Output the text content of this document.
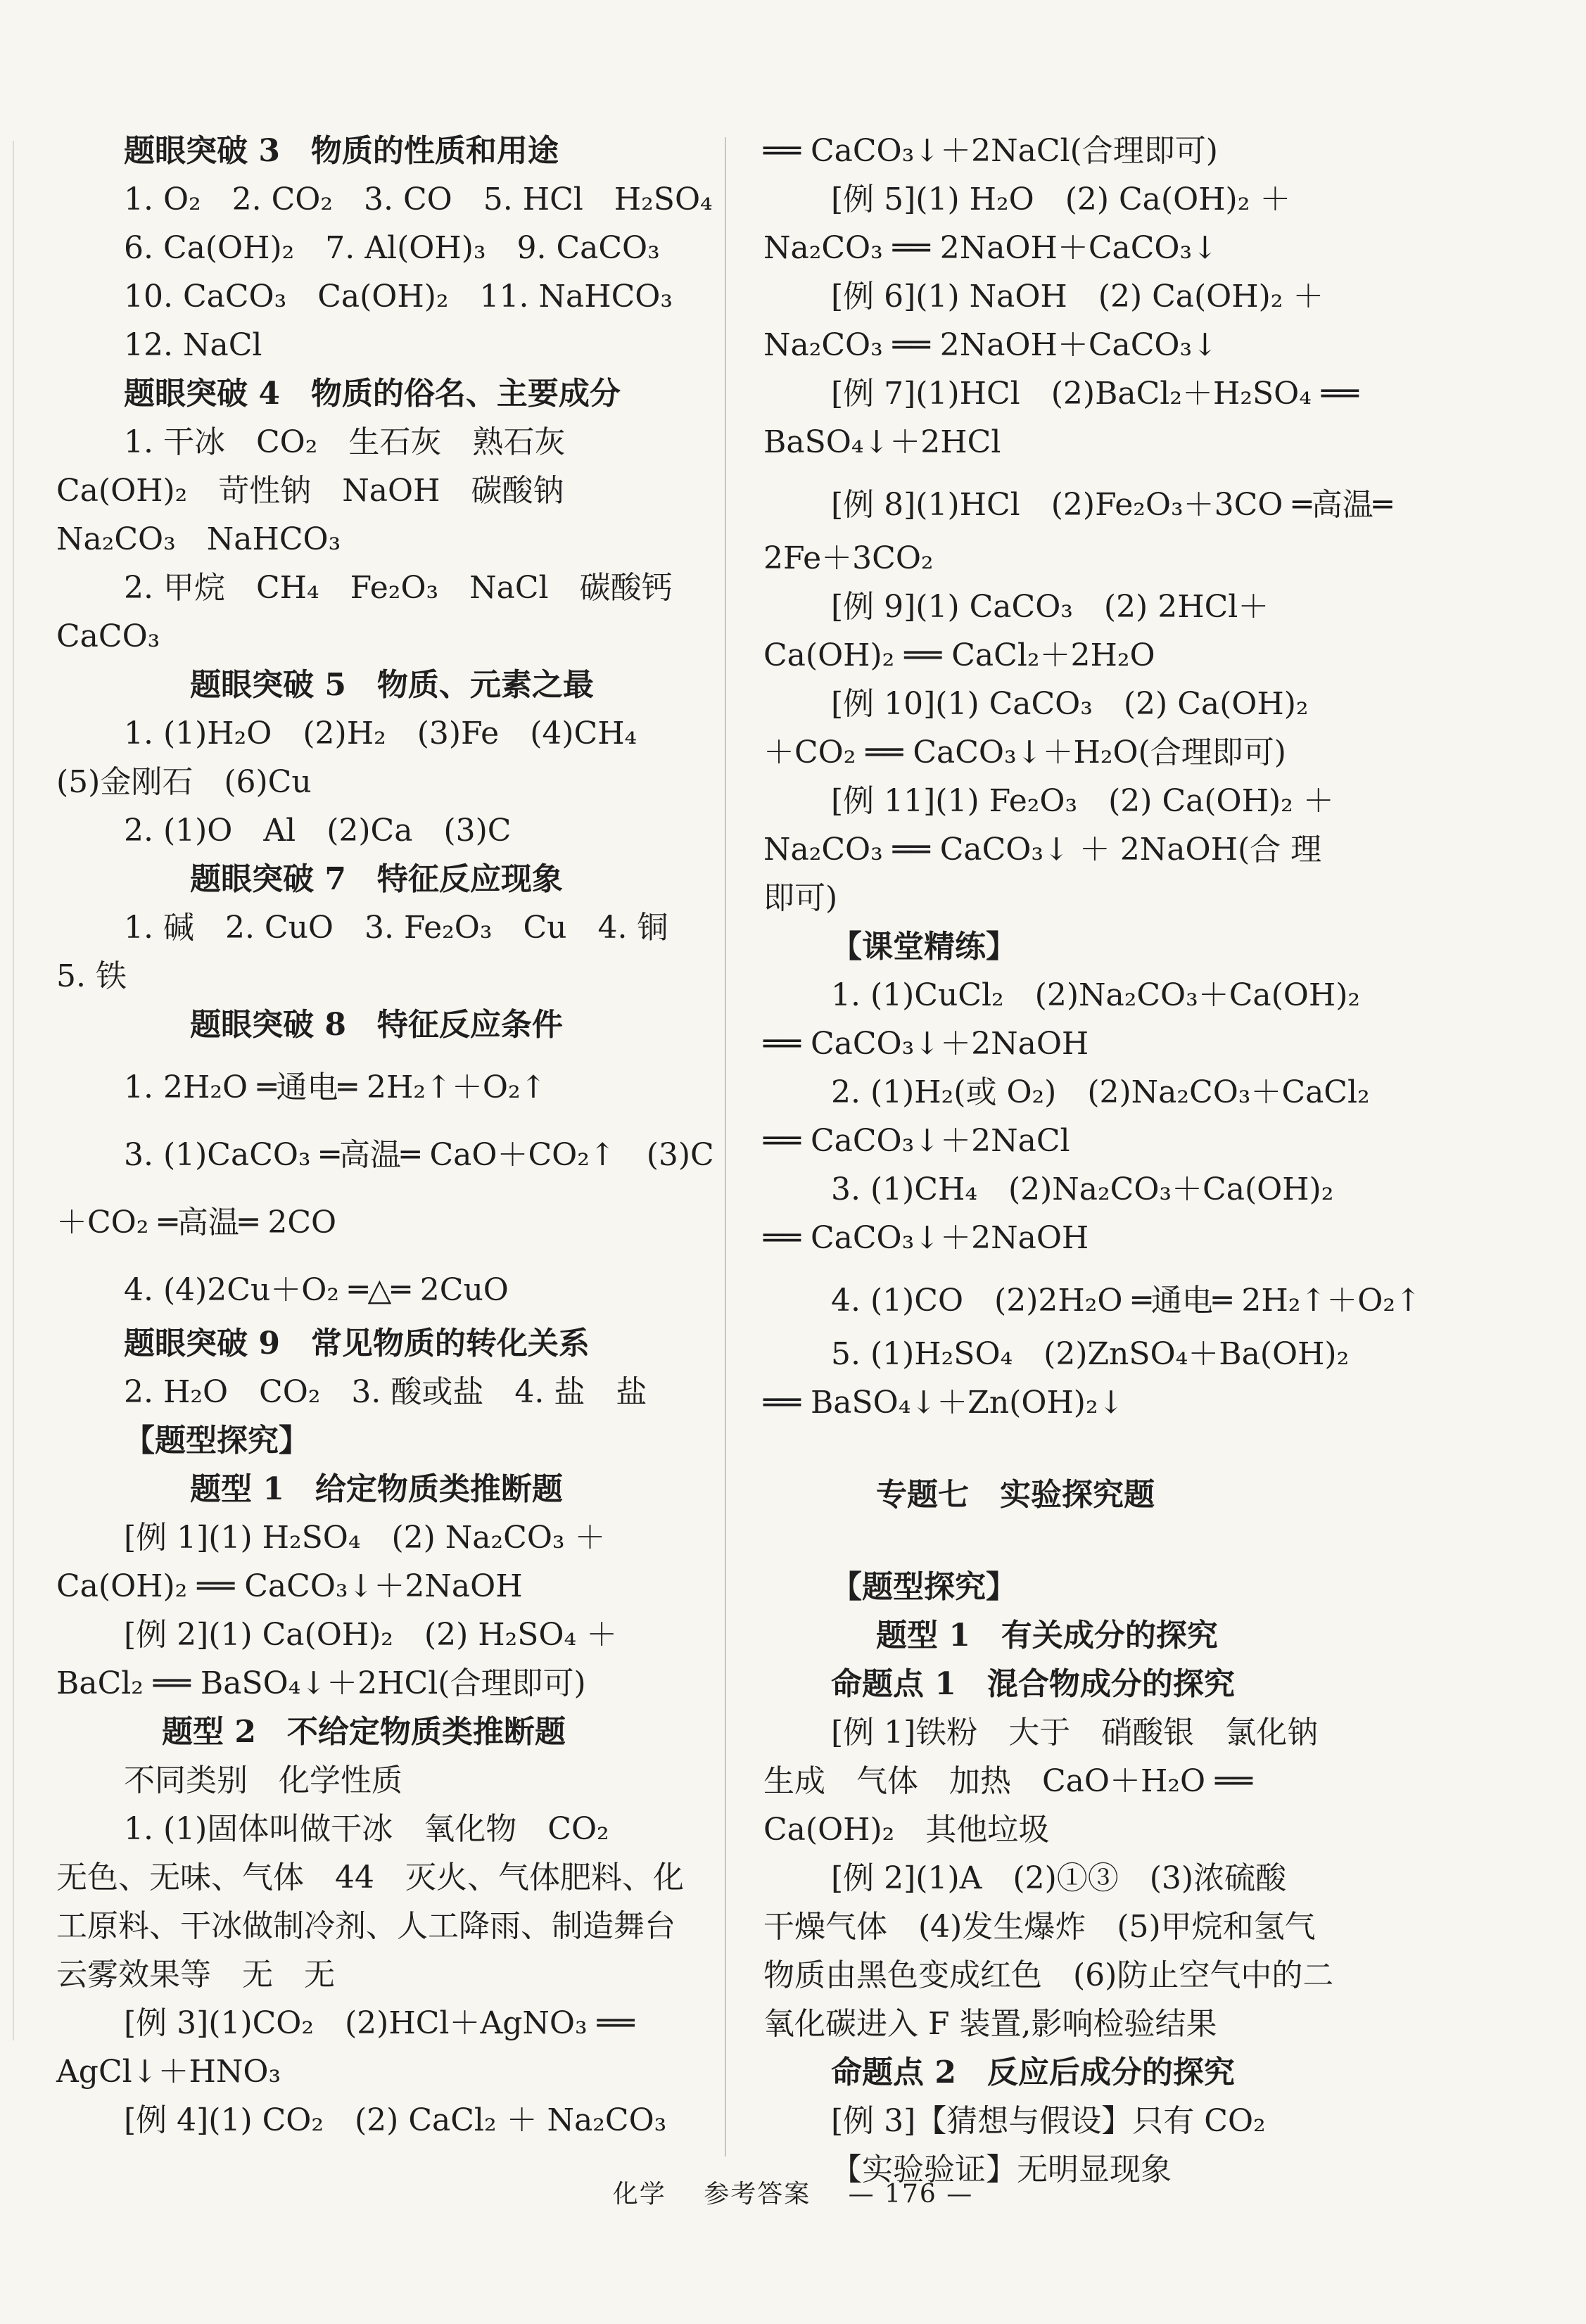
题眼突破 3　物质的性质和用途
1. O₂　2. CO₂　3. CO　5. HCl　H₂SO₄
6. Ca(OH)₂　7. Al(OH)₃　9. CaCO₃
10. CaCO₃　Ca(OH)₂　11. NaHCO₃
12. NaCl
题眼突破 4　物质的俗名、主要成分
1. 干冰　CO₂　生石灰　熟石灰
Ca(OH)₂　苛性钠　NaOH　碳酸钠
Na₂CO₃　NaHCO₃
2. 甲烷　CH₄　Fe₂O₃　NaCl　碳酸钙
CaCO₃
题眼突破 5　物质、元素之最
1. (1)H₂O　(2)H₂　(3)Fe　(4)CH₄
(5)金刚石　(6)Cu
2. (1)O　Al　(2)Ca　(3)C
题眼突破 7　特征反应现象
1. 碱　2. CuO　3. Fe₂O₃　Cu　4. 铜
5. 铁
题眼突破 8　特征反应条件
1. 2H₂O ═通电═ 2H₂↑＋O₂↑
3. (1)CaCO₃ ═高温═ CaO＋CO₂↑　(3)C
＋CO₂ ═高温═ 2CO
4. (4)2Cu＋O₂ ═△═ 2CuO
题眼突破 9　常见物质的转化关系
2. H₂O　CO₂　3. 酸或盐　4. 盐　盐
【题型探究】
题型 1　给定物质类推断题
[例 1](1) H₂SO₄　(2) Na₂CO₃ ＋
Ca(OH)₂ ══ CaCO₃↓＋2NaOH
[例 2](1) Ca(OH)₂　(2) H₂SO₄ ＋
BaCl₂ ══ BaSO₄↓＋2HCl(合理即可)
题型 2　不给定物质类推断题
不同类别　化学性质
1. (1)固体叫做干冰　氧化物　CO₂
无色、无味、气体　44　灭火、气体肥料、化
工原料、干冰做制冷剂、人工降雨、制造舞台
云雾效果等　无　无
[例 3](1)CO₂　(2)HCl＋AgNO₃ ══
AgCl↓＋HNO₃
[例 4](1) CO₂　(2) CaCl₂ ＋ Na₂CO₃
══ CaCO₃↓＋2NaCl(合理即可)
[例 5](1) H₂O　(2) Ca(OH)₂ ＋
Na₂CO₃ ══ 2NaOH＋CaCO₃↓
[例 6](1) NaOH　(2) Ca(OH)₂ ＋
Na₂CO₃ ══ 2NaOH＋CaCO₃↓
[例 7](1)HCl　(2)BaCl₂＋H₂SO₄ ══
BaSO₄↓＋2HCl
[例 8](1)HCl　(2)Fe₂O₃＋3CO ═高温═
2Fe＋3CO₂
[例 9](1) CaCO₃　(2) 2HCl＋
Ca(OH)₂ ══ CaCl₂＋2H₂O
[例 10](1) CaCO₃　(2) Ca(OH)₂
＋CO₂ ══ CaCO₃↓＋H₂O(合理即可)
[例 11](1) Fe₂O₃　(2) Ca(OH)₂ ＋
Na₂CO₃ ══ CaCO₃↓ ＋ 2NaOH(合 理
即可)
【课堂精练】
1. (1)CuCl₂　(2)Na₂CO₃＋Ca(OH)₂
══ CaCO₃↓＋2NaOH
2. (1)H₂(或 O₂)　(2)Na₂CO₃＋CaCl₂
══ CaCO₃↓＋2NaCl
3. (1)CH₄　(2)Na₂CO₃＋Ca(OH)₂
══ CaCO₃↓＋2NaOH
4. (1)CO　(2)2H₂O ═通电═ 2H₂↑＋O₂↑
5. (1)H₂SO₄　(2)ZnSO₄＋Ba(OH)₂
══ BaSO₄↓＋Zn(OH)₂↓
专题七　实验探究题
【题型探究】
题型 1　有关成分的探究
命题点 1　混合物成分的探究
[例 1]铁粉　大于　硝酸银　氯化钠
生成　气体　加热　CaO＋H₂O ══
Ca(OH)₂　其他垃圾
[例 2](1)A　(2)①③　(3)浓硫酸
干燥气体　(4)发生爆炸　(5)甲烷和氢气
物质由黑色变成红色　(6)防止空气中的二
氧化碳进入 F 装置,影响检验结果
命题点 2　反应后成分的探究
[例 3]【猜想与假设】只有 CO₂
【实验验证】无明显现象
化学 参考答案 — 176 —
